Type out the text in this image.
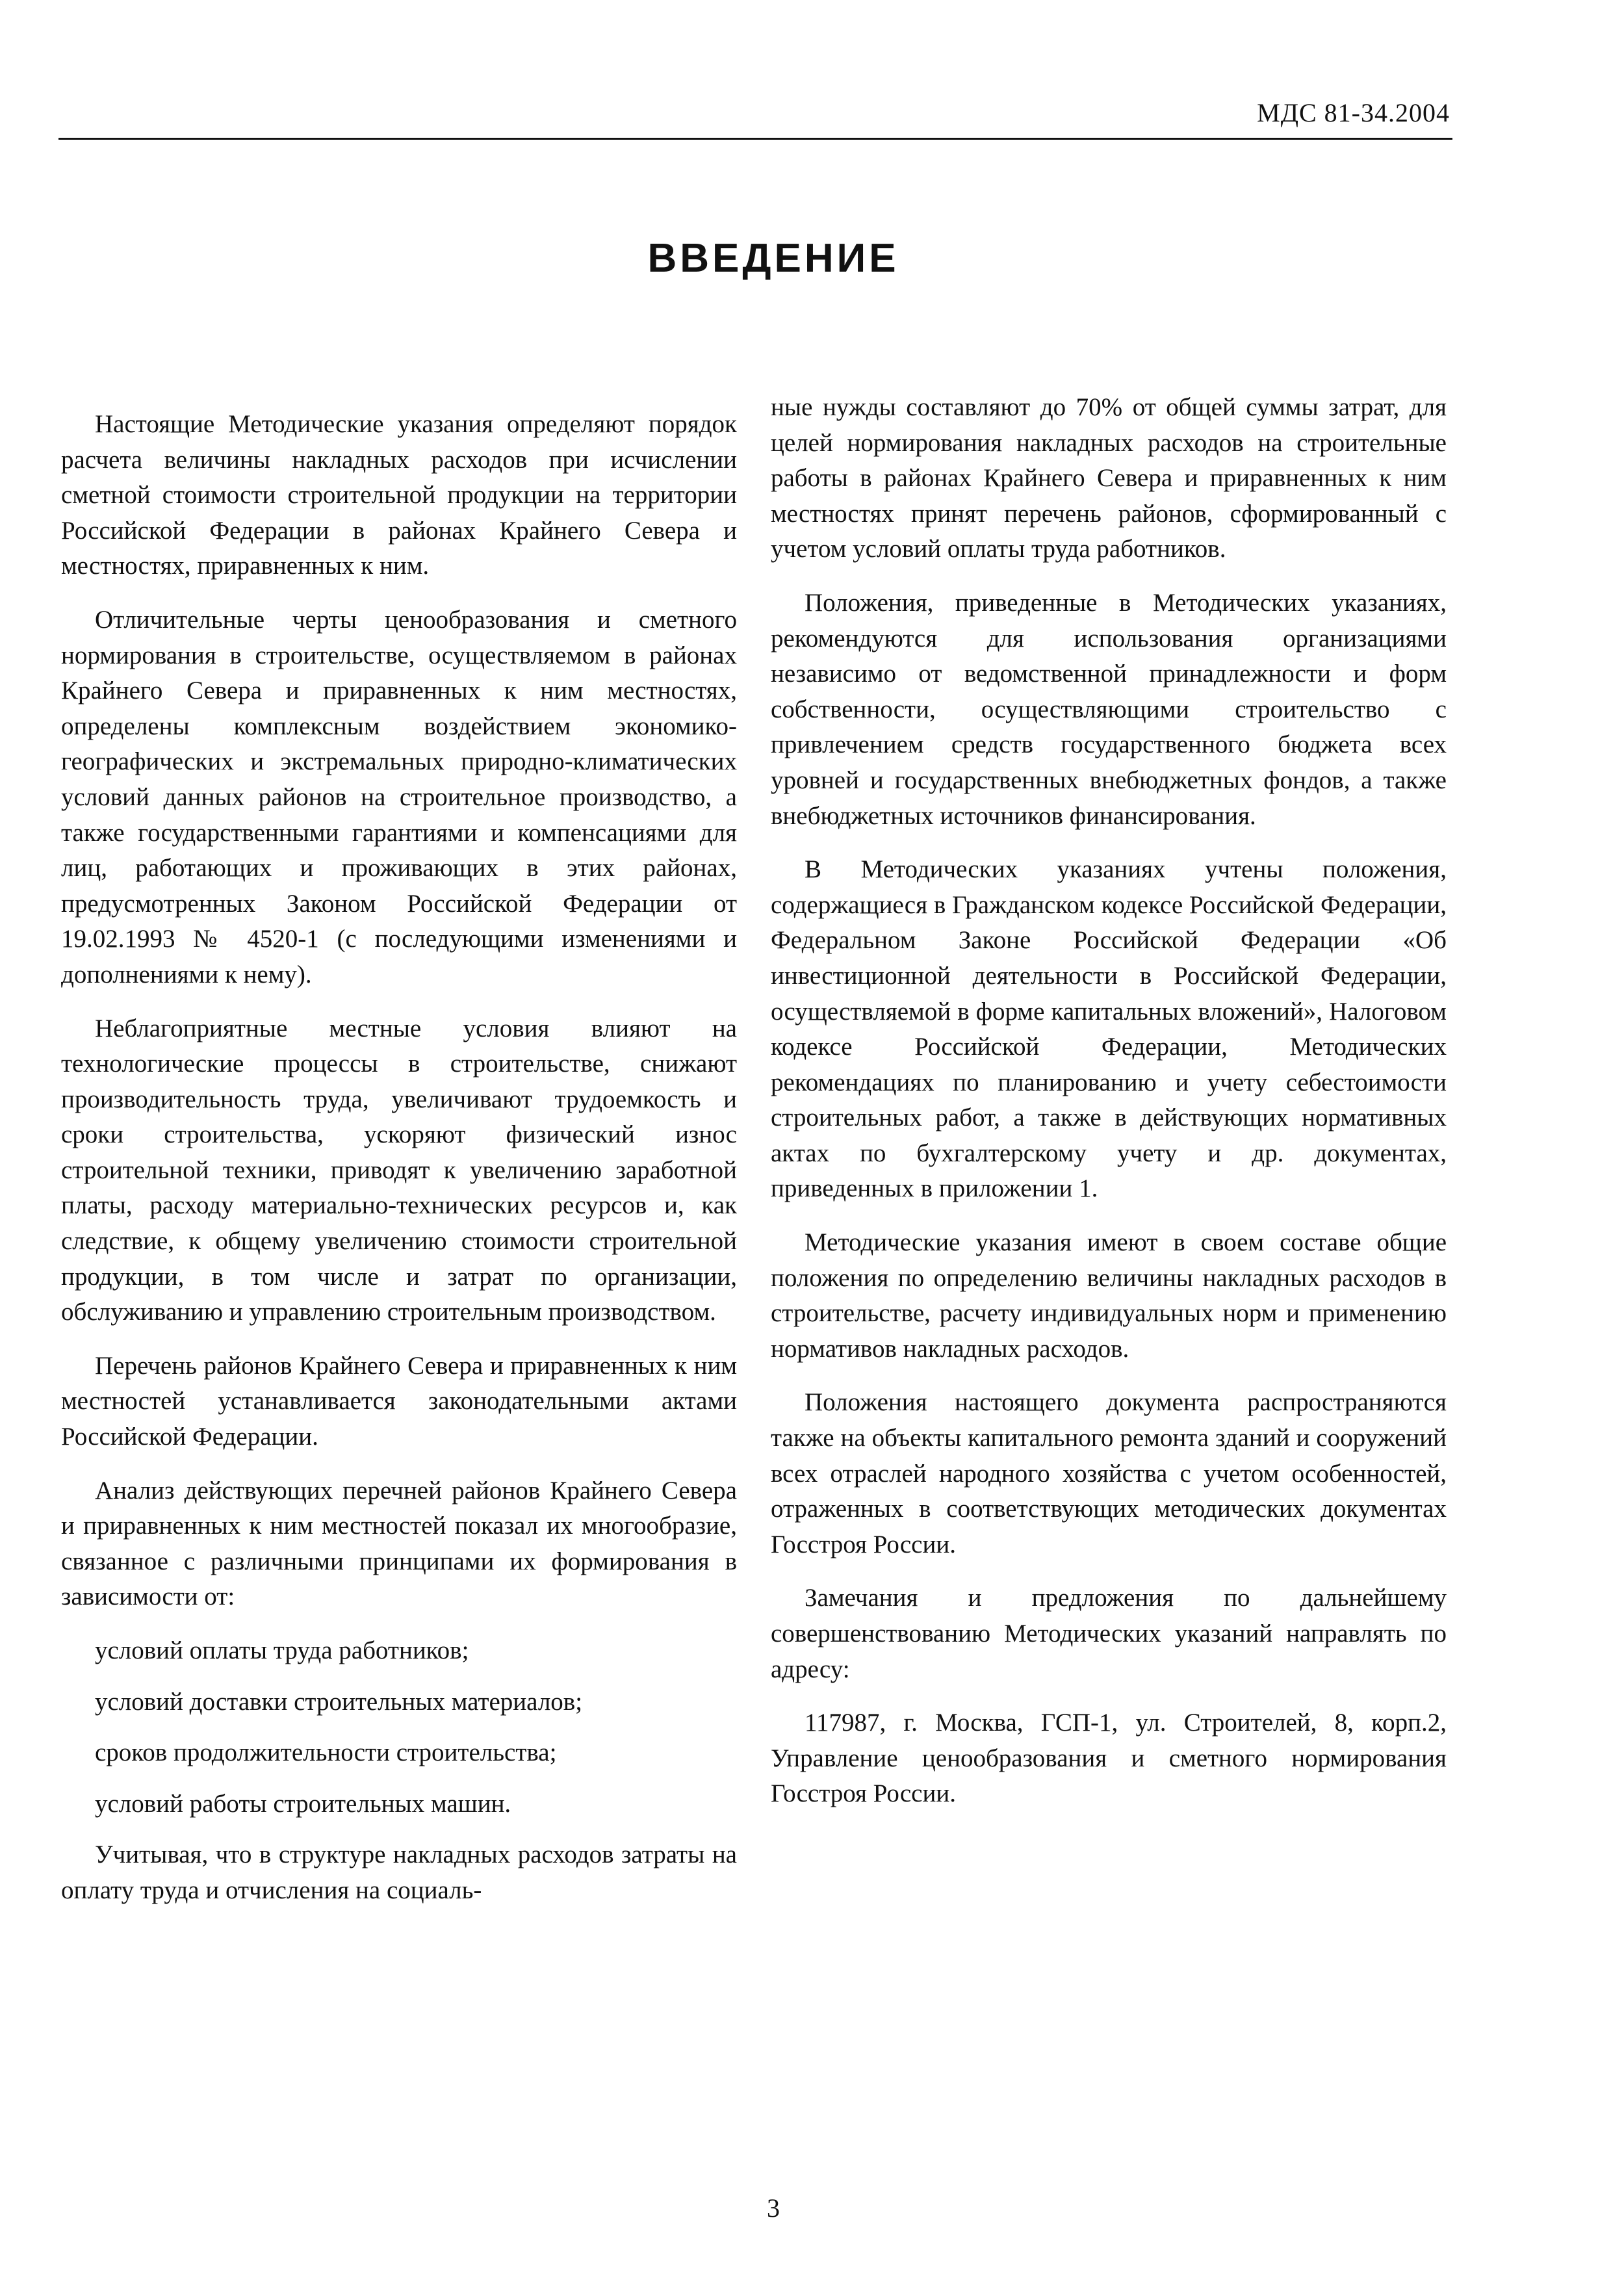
МДС 81-34.2004
ВВЕДЕНИЕ

Настоящие Методические указания определяют порядок расчета величины накладных расходов при исчислении сметной стоимости строительной продукции на территории Российской Федерации в районах Крайнего Севера и местностях, приравненных к ним.

Отличительные черты ценообразования и сметного нормирования в строительстве, осуществляемом в районах Крайнего Севера и приравненных к ним местностях, определены комплексным воздействием экономико-географических и экстремальных природно-климатических условий данных районов на строительное производство, а также государственными гарантиями и компенсациями для лиц, работающих и проживающих в этих районах, предусмотренных Законом Российской Федерации от 19.02.1993 № 4520-1 (с последующими изменениями и дополнениями к нему).

Неблагоприятные местные условия влияют на технологические процессы в строительстве, снижают производительность труда, увеличивают трудоемкость и сроки строительства, ускоряют физический износ строительной техники, приводят к увеличению заработной платы, расходу материально-технических ресурсов и, как следствие, к общему увеличению стоимости строительной продукции, в том числе и затрат по организации, обслуживанию и управлению строительным производством.

Перечень районов Крайнего Севера и приравненных к ним местностей устанавливается законодательными актами Российской Федерации.

Анализ действующих перечней районов Крайнего Севера и приравненных к ним местностей показал их многообразие, связанное с различными принципами их формирования в зависимости от:

условий оплаты труда работников;

условий доставки строительных материалов;

сроков продолжительности строительства;

условий работы строительных машин.

Учитывая, что в структуре накладных расходов затраты на оплату труда и отчисления на социаль-

ные нужды составляют до 70% от общей суммы затрат, для целей нормирования накладных расходов на строительные работы в районах Крайнего Севера и приравненных к ним местностях принят перечень районов, сформированный с учетом условий оплаты труда работников.

Положения, приведенные в Методических указаниях, рекомендуются для использования организациями независимо от ведомственной принадлежности и форм собственности, осуществляющими строительство с привлечением средств государственного бюджета всех уровней и государственных внебюджетных фондов, а также внебюджетных источников финансирования.

В Методических указаниях учтены положения, содержащиеся в Гражданском кодексе Российской Федерации, Федеральном Законе Российской Федерации «Об инвестиционной деятельности в Российской Федерации, осуществляемой в форме капитальных вложений», Налоговом кодексе Российской Федерации, Методических рекомендациях по планированию и учету себестоимости строительных работ, а также в действующих нормативных актах по бухгалтерскому учету и др. документах, приведенных в приложении 1.

Методические указания имеют в своем составе общие положения по определению величины накладных расходов в строительстве, расчету индивидуальных норм и применению нормативов накладных расходов.

Положения настоящего документа распространяются также на объекты капитального ремонта зданий и сооружений всех отраслей народного хозяйства с учетом особенностей, отраженных в соответствующих методических документах Госстроя России.

Замечания и предложения по дальнейшему совершенствованию Методических указаний направлять по адресу:

117987, г. Москва, ГСП-1, ул. Строителей, 8, корп.2, Управление ценообразования и сметного нормирования Госстроя России.

3
